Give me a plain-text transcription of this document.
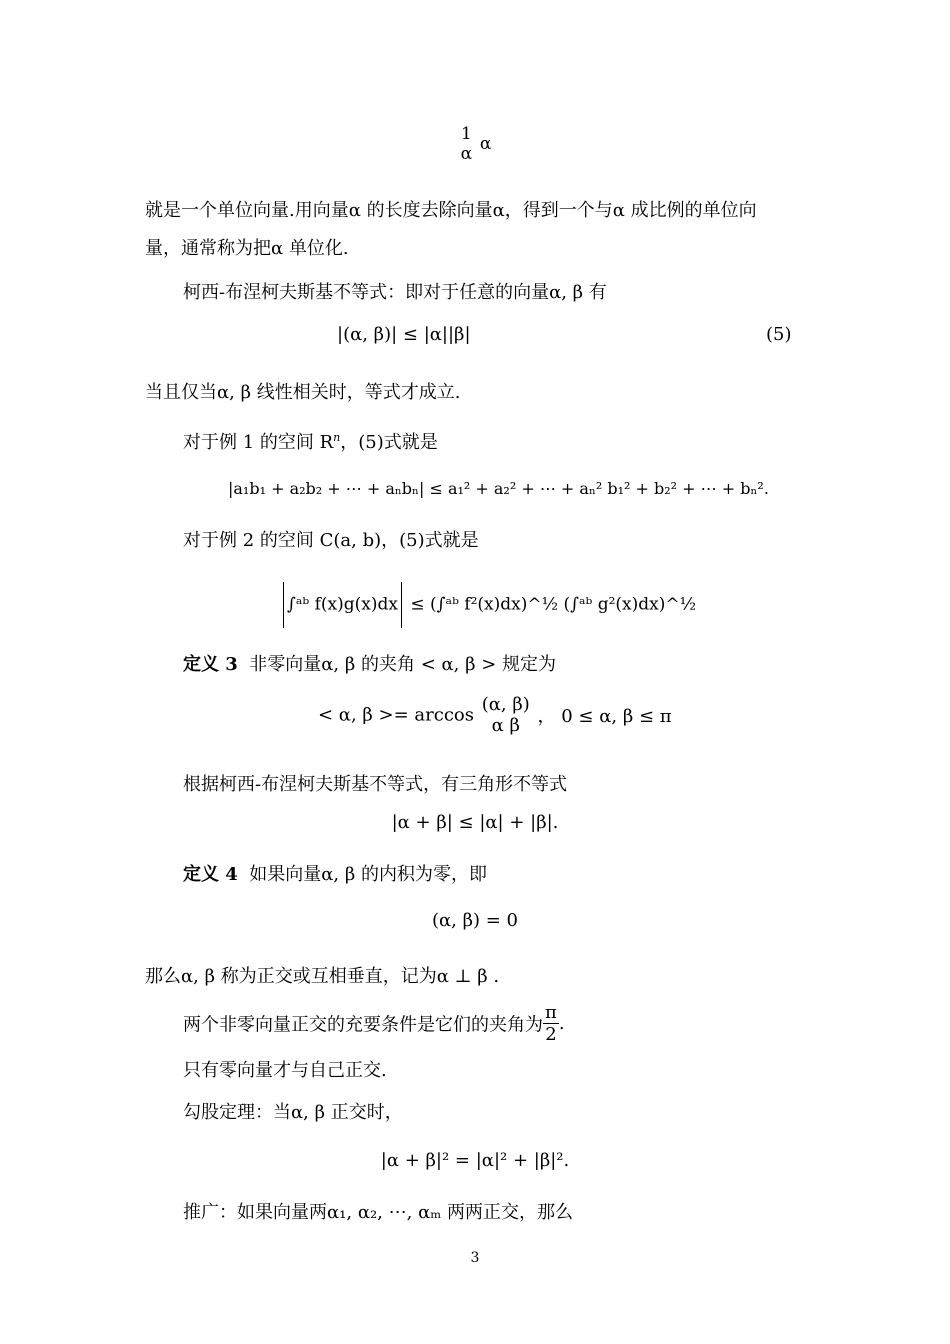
1
α α
就是一个单位向量.用向量α 的长度去除向量α，得到一个与α 成比例的单位向
量，通常称为把α 单位化.
柯西-布涅柯夫斯基不等式：即对于任意的向量α, β 有
|(α, β)| ≤ |α||β|	(5)
当且仅当α, β 线性相关时，等式才成立.
对于例 1 的空间 $R^n$，(5)式就是
|a₁b₁ + a₂b₂ + ⋯ + aₙbₙ| ≤ a₁² + a₂² + ⋯ + aₙ² b₁² + b₂² + ⋯ + bₙ².
对于例 2 的空间 C(a, b)，(5)式就是
∫ᵃᵇ f(x)g(x)dx ≤ (∫ᵃᵇ f²(x)dx)^½ (∫ᵃᵇ g²(x)dx)^½
定义 3 非零向量α, β 的夹角 < α, β > 规定为
< α, β >= arccos (α, β)
α β ， 0 ≤ α, β ≤ π
根据柯西-布涅柯夫斯基不等式，有三角形不等式
|α + β| ≤ |α| + |β|.
定义 4 如果向量α, β 的内积为零，即
(α, β) = 0
那么α, β 称为正交或互相垂直，记为α ⊥ β .
两个非零向量正交的充要条件是它们的夹角为 $\frac{\pi}{2}$ .
只有零向量才与自己正交.
勾股定理：当α, β 正交时，
|α + β|² = |α|² + |β|².
推广：如果向量两α₁, α₂, ⋯, αₘ 两两正交，那么
3
